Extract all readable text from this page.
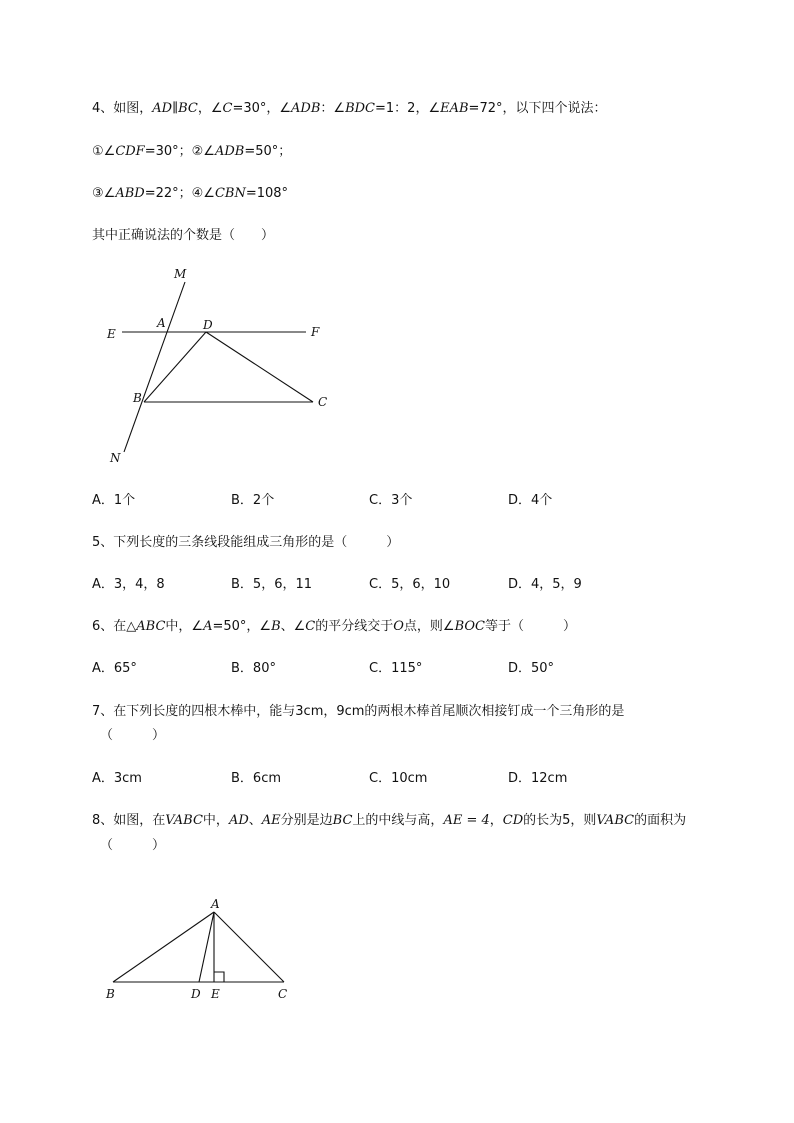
4、如图，AD∥BC，∠C=30°，∠ADB：∠BDC=1：2，∠EAB=72°，以下四个说法：
①∠CDF=30°；②∠ADB=50°；
③∠ABD=22°；④∠CBN=108°
其中正确说法的个数是（　　）
M
A	D
E	F
B	C
N
A．1个	B．2个	C．3个	D．4个
5、下列长度的三条线段能组成三角形的是（　　　）
A．3，4，8	B．5，6，11	C．5，6，10	D．4，5，9
6、在△ABC中，∠A=50°，∠B、∠C的平分线交于O点，则∠BOC等于（　　　）
A．65°	B．80°	C．115°	D．50°
7、在下列长度的四根木棒中，能与3cm，9cm的两根木棒首尾顺次相接钉成一个三角形的是
（　　　）
A．3cm	B．6cm	C．10cm	D．12cm
8、如图，在VABC中，AD、AE分别是边BC上的中线与高，AE = 4，CD的长为5，则VABC的面积为
（　　　）
A
B	D E	C
